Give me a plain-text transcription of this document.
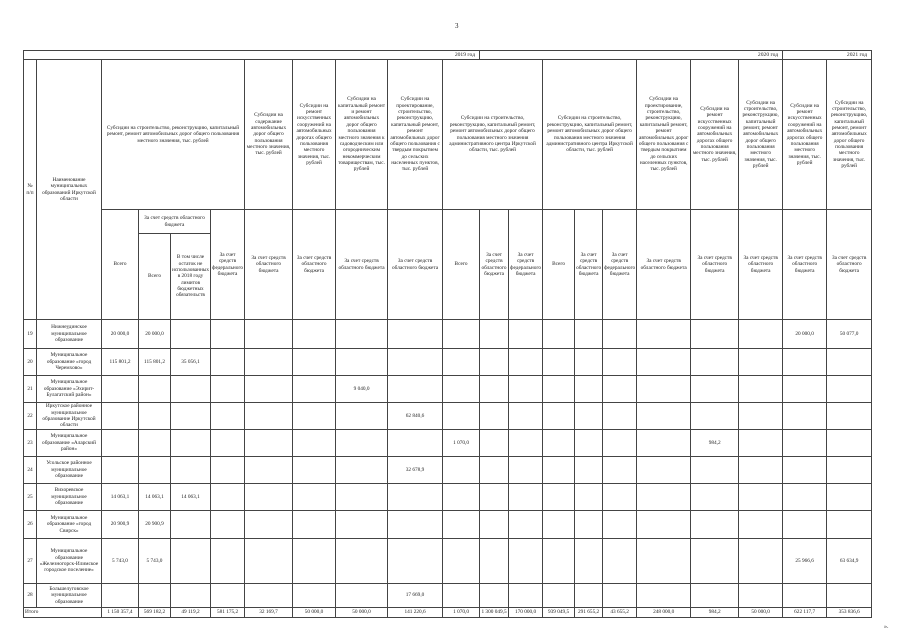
3
2019 год											2020 год								2021 год	
№ п/п	Наименование муниципальных образований Иркутской области	Субсидии на строительство, реконструкцию, капитальный ремонт, ремонт автомобильных дорог общего пользования местного значения, тыс. рублей				Субсидии на содержание автомобильных дорог общего пользования местного значения, тыс. рублей	Субсидии на ремонт искусственных сооружений на автомобильных дорогах общего пользования местного значения, тыс. рублей	Субсидии на капитальный ремонт и ремонт автомобильных дорог общего пользования местного значения к садоводческим или огородническим некоммерческим товариществам, тыс. рублей	Субсидии на проектирование, строительство, реконструкцию, капитальный ремонт, ремонт автомобильных дорог общего пользования с твердым покрытием до сельских населенных пунктов, тыс. рублей	Субсидии на строительство, реконструкцию, капитальный ремонт, ремонт автомобильных дорог общего пользования местного значения административного центра Иркутской области, тыс. рублей			Субсидии на строительство, реконструкцию, капитальный ремонт, ремонт автомобильных дорог общего пользования местного значения административного центра Иркутской области, тыс. рублей			Субсидии на проектирование, строительство, реконструкцию, капитальный ремонт, ремонт автомобильных дорог общего пользования с твердым покрытием до сельских населенных пунктов, тыс. рублей	Субсидии на ремонт искусственных сооружений на автомобильных дорогах общего пользования местного значения, тыс. рублей	Субсидии на строительство, реконструкцию, капитальный ремонт, ремонт автомобильных дорог общего пользования местного значения, тыс. рублей	Субсидии на ремонт искусственных сооружений на автомобильных дорогах общего пользования местного значения, тыс. рублей	Субсидии на строительство, реконструкцию, капитальный ремонт, ремонт автомобильных дорог общего пользования местного значения, тыс. рублей
		Всего	За счет средств областного бюджета		За счет средств федерального бюджета	За счет средств областного бюджета	За счет средств областного бюджета	За счет средств областного бюджета	За счет средств областного бюджета	Всего	За счет средств областного бюджета	За счет средств федерального бюджета	Всего	За счет средств областного бюджета	За счет средств федерального бюджета	За счет средств областного бюджета	За счет средств областного бюджета	За счет средств областного бюджета	За счет средств областного бюджета	За счет средств областного бюджета
			Всего	В том числе остаток не использованных в 2018 году лимитов бюджетных обязательств																
19	Нижнеудинское муниципальное образование	20 000,0	20 000,0																20 000,0	50 077,0
20	Муниципальное образование «город Черемхово»	115 801,2	115 801,2	35 056,1																
21	Муниципальное образование «Эхирит-Булагатский район»							9 040,0												
22	Иркутское районное муниципальное образование Иркутской области								62 840,6											
23	Муниципальное образование «Аларский район»									1 070,0							984,2			
24	Усольское районное муниципальное образование								32 678,9											
25	Вихоревское муниципальное образование	14 063,1	14 063,1	14 063,1																
26	Муниципальное образование «город Свирск»	20 900,9	20 900,9																	
27	Муниципальное образование «Железногорск-Илимское городское поселение»	5 743,0	5 743,0																25 966,6	63 634,9
28	Большелуговское муниципальное образование								17 669,0											
Итого		1 150 357,4	569 182,2	49 119,2	581 175,2	32 169,7	50 000,0	50 000,0	141 220,6	1 070,0	1 300 049,5	170 000,0	939 049,5	291 655,2	43 655,2	248 000,0	984,2	50 000,0	622 117,7	353 836,6
».
